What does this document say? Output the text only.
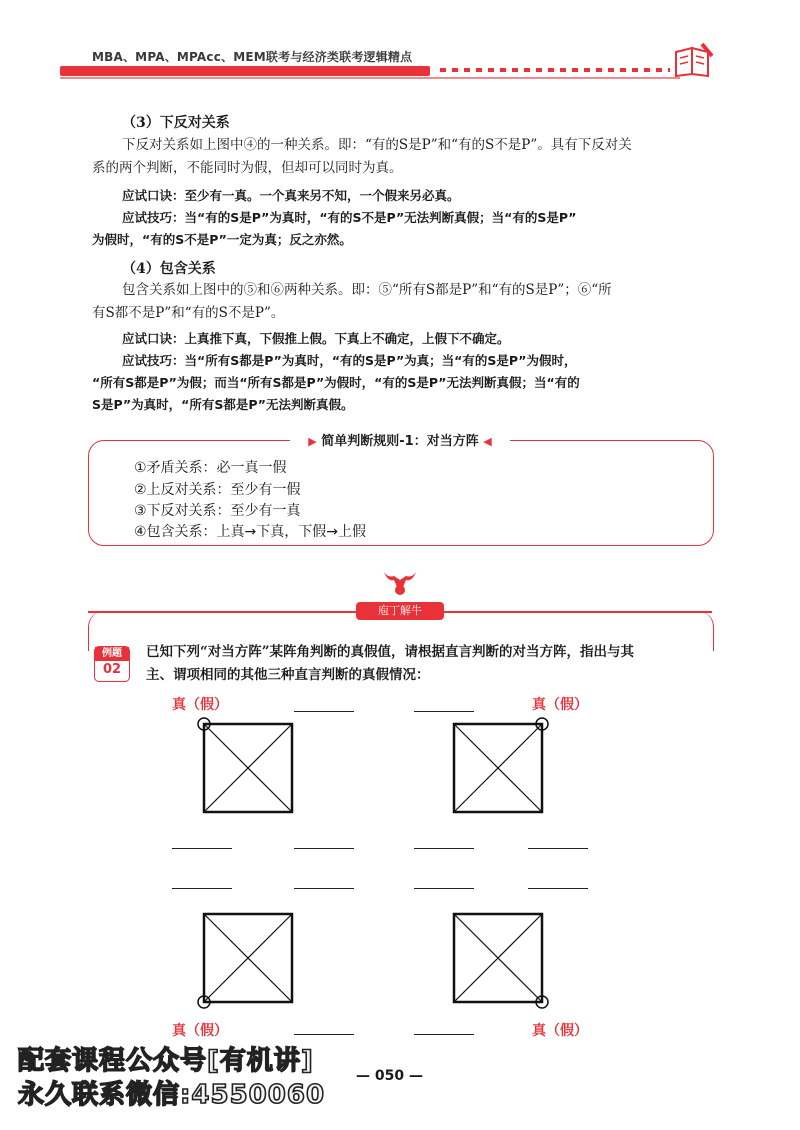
MBA、MPA、MPAcc、MEM联考与经济类联考逻辑精点
（3）下反对关系
下反对关系如上图中④的一种关系。即：“有的S是P”和“有的S不是P”。具有下反对关
系的两个判断，不能同时为假，但却可以同时为真。
应试口诀：至少有一真。一个真来另不知，一个假来另必真。
应试技巧：当“有的S是P”为真时，“有的S不是P”无法判断真假；当“有的S是P”
为假时，“有的S不是P”一定为真；反之亦然。
（4）包含关系
包含关系如上图中的⑤和⑥两种关系。即：⑤“所有S都是P”和“有的S是P”；⑥“所
有S都不是P”和“有的S不是P”。
应试口诀：上真推下真，下假推上假。下真上不确定，上假下不确定。
应试技巧：当“所有S都是P”为真时，“有的S是P”为真；当“有的S是P”为假时，
“所有S都是P”为假；而当“所有S都是P”为假时，“有的S是P”无法判断真假；当“有的
S是P”为真时，“所有S都是P”无法判断真假。
▶ 简单判断规则-1：对当方阵 ◀
①矛盾关系：必一真一假
②上反对关系：至少有一假
③下反对关系：至少有一真
④包含关系：上真→下真，下假→上假
庖丁解牛
例题
02
已知下列“对当方阵”某阵角判断的真假值，请根据直言判断的对当方阵，指出与其
主、谓项相同的其他三种直言判断的真假情况：
真（假）	真（假）
真（假）	真（假）
— 050 —
配套课程公众号[有机讲]
永久联系微信:4550060
